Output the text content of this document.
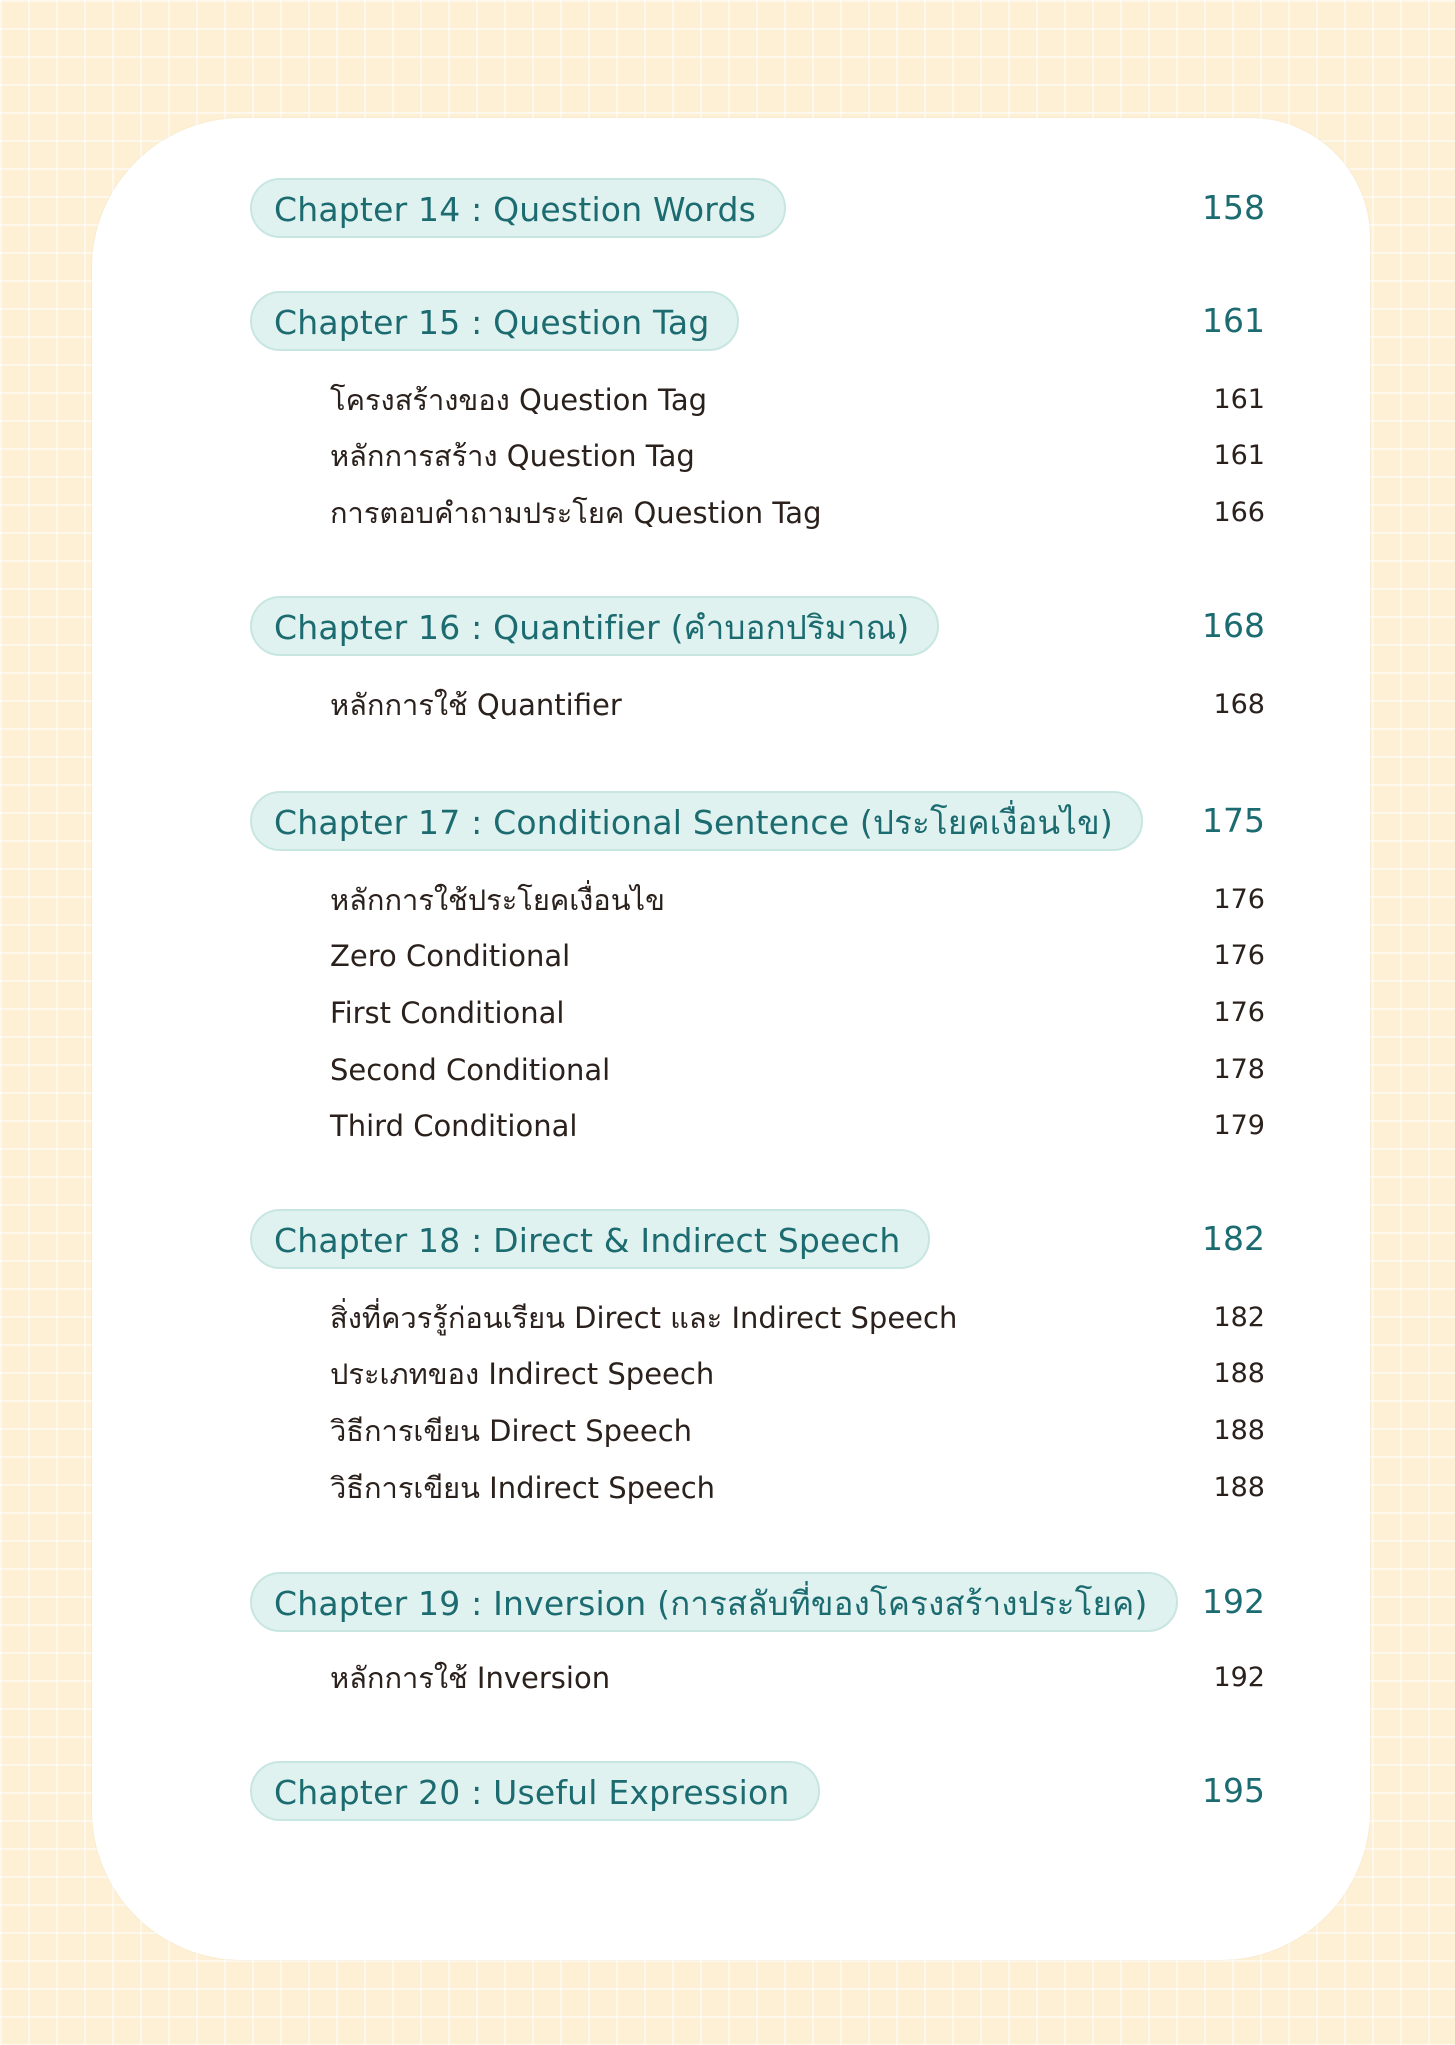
Chapter 14 : Question Words	158
Chapter 15 : Question Tag	161
โครงสร้างของ Question Tag	161
หลักการสร้าง Question Tag	161
การตอบคำถามประโยค Question Tag	166
Chapter 16 : Quantifier (คำบอกปริมาณ)	168
หลักการใช้ Quantifier	168
Chapter 17 : Conditional Sentence (ประโยคเงื่อนไข)	175
หลักการใช้ประโยคเงื่อนไข	176
Zero Conditional	176
First Conditional	176
Second Conditional	178
Third Conditional	179
Chapter 18 : Direct & Indirect Speech	182
สิ่งที่ควรรู้ก่อนเรียน Direct และ Indirect Speech	182
ประเภทของ Indirect Speech	188
วิธีการเขียน Direct Speech	188
วิธีการเขียน Indirect Speech	188
Chapter 19 : Inversion (การสลับที่ของโครงสร้างประโยค)	192
หลักการใช้ Inversion	192
Chapter 20 : Useful Expression	195
